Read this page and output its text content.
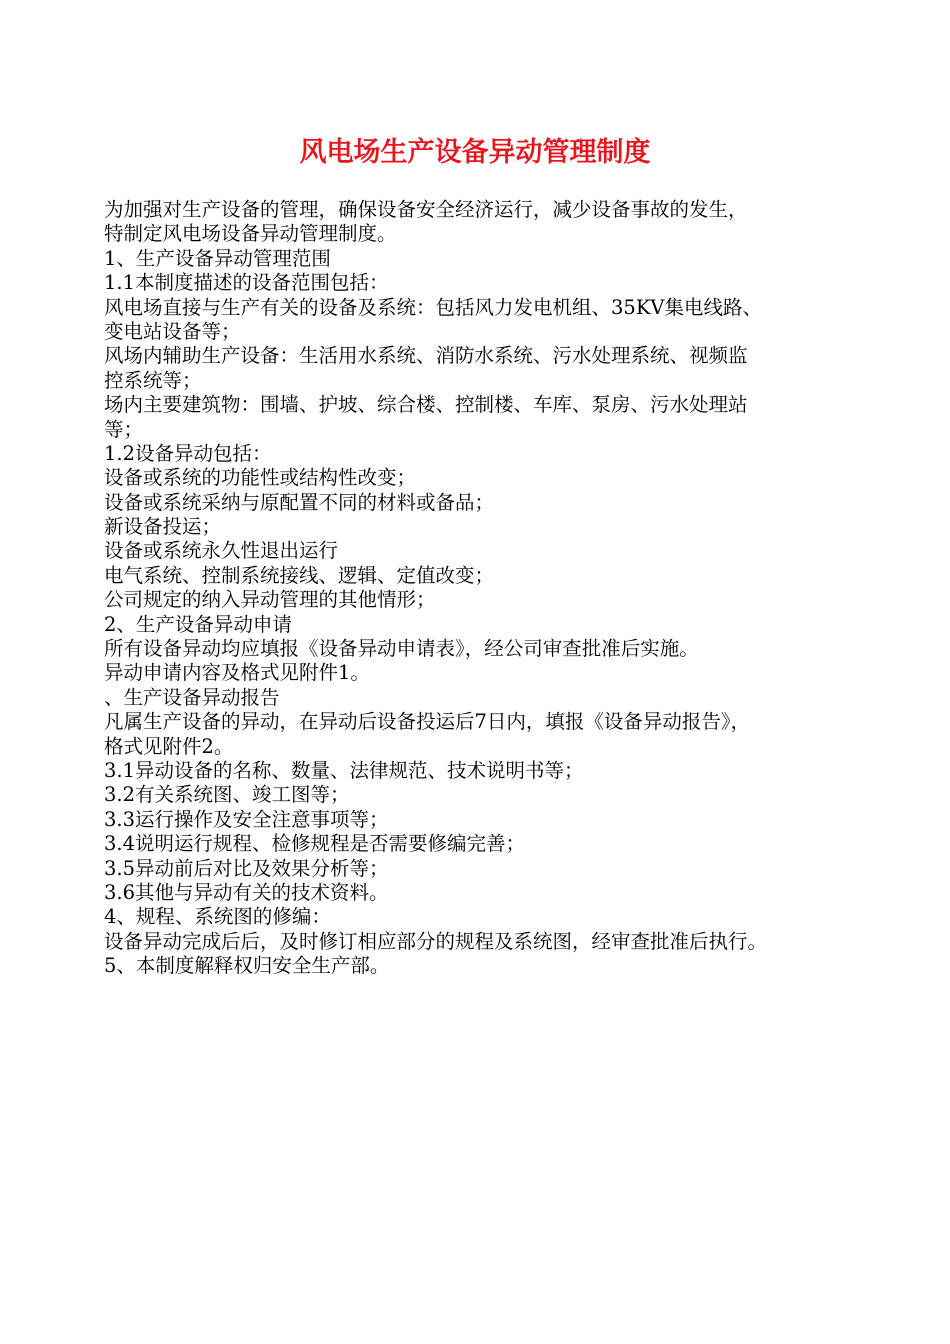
风电场生产设备异动管理制度
为加强对生产设备的管理，确保设备安全经济运行，减少设备事故的发生，
特制定风电场设备异动管理制度。
1、生产设备异动管理范围
1.1本制度描述的设备范围包括：
风电场直接与生产有关的设备及系统：包括风力发电机组、35KV集电线路、
变电站设备等；
风场内辅助生产设备：生活用水系统、消防水系统、污水处理系统、视频监
控系统等；
场内主要建筑物：围墙、护坡、综合楼、控制楼、车库、泵房、污水处理站
等；
1.2设备异动包括：
设备或系统的功能性或结构性改变；
设备或系统采纳与原配置不同的材料或备品；
新设备投运；
设备或系统永久性退出运行
电气系统、控制系统接线、逻辑、定值改变；
公司规定的纳入异动管理的其他情形；
2、生产设备异动申请
所有设备异动均应填报《设备异动申请表》，经公司审查批准后实施。
异动申请内容及格式见附件1。
、生产设备异动报告
凡属生产设备的异动，在异动后设备投运后7日内，填报《设备异动报告》，
格式见附件2。
3.1异动设备的名称、数量、法律规范、技术说明书等；
3.2有关系统图、竣工图等；
3.3运行操作及安全注意事项等；
3.4说明运行规程、检修规程是否需要修编完善；
3.5异动前后对比及效果分析等；
3.6其他与异动有关的技术资料。
4、规程、系统图的修编：
设备异动完成后后，及时修订相应部分的规程及系统图，经审查批准后执行。
5、本制度解释权归安全生产部。
